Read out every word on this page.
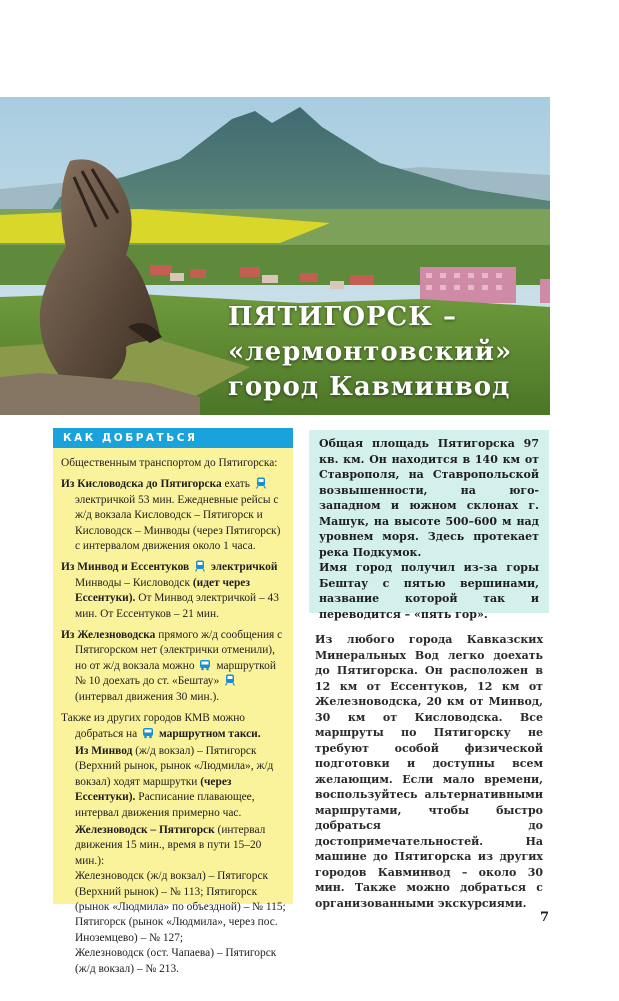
ПЯТИГОРСК –
«лермонтовский»
город Кавминвод
КАК ДОБРАТЬСЯ

Общественным транспортом до Пятигорска:

Из Кисловодска до Пятигорска ехать  электричкой 53 мин. Ежедневные рейсы с ж/д вокзала Кисловодск – Пятигорск и Кисловодск – Минводы (через Пятигорск) с интервалом движения около 1 часа.

Из Минвод и Ессентуков электричкой Минводы – Кисловодск (идет через Ессентуки). От Минвод электричкой – 43 мин. От Ессентуков – 21 мин.

Из Железноводска прямого ж/д сообщения с Пятигорском нет (электрички отменили), но от ж/д вокзала можно маршруткой № 10 доехать до ст. «Бештау»  (интервал движения 30 мин.).

Также из других городов КМВ можно добраться на маршрутном такси.

Из Минвод (ж/д вокзал) – Пятигорск (Верхний рынок, рынок «Людмила», ж/д вокзал) ходят маршрутки (через Ессентуки). Расписание плавающее, интервал движения примерно час.

Железноводск – Пятигорск (интервал движения 15 мин., время в пути 15–20 мин.):
Железноводск (ж/д вокзал) – Пятигорск (Верхний рынок) – № 113; Пятигорск (рынок «Людмила» по объездной) – № 115;
Пятигорск (рынок «Людмила», через пос. Иноземцево) – № 127;
Железноводск (ост. Чапаева) – Пятигорск (ж/д вокзал) – № 213.

Общая площадь Пятигорска 97 кв. км. Он находится в 140 км от Ставрополя, на Ставропольской возвышенности, на юго-западном и южном склонах г. Машук, на высоте 500–600 м над уровнем моря. Здесь протекает река Подкумок.

Имя город получил из-за горы Бештау с пятью вершинами, название которой так и переводится – «пять гор».

Из любого города Кавказских Минеральных Вод легко доехать до Пятигорска. Он расположен в 12 км от Ессентуков, 12 км от Железноводска, 20 км от Минвод, 30 км от Кисловодска. Все маршруты по Пятигорску не требуют особой физической подготовки и доступны всем желающим. Если мало времени, воспользуйтесь альтернативными маршрутами, чтобы быстро добраться до достопримечательностей. На машине до Пятигорска из других городов Кавминвод – около 30 мин. Также можно добраться с организованными экскурсиями.

7
